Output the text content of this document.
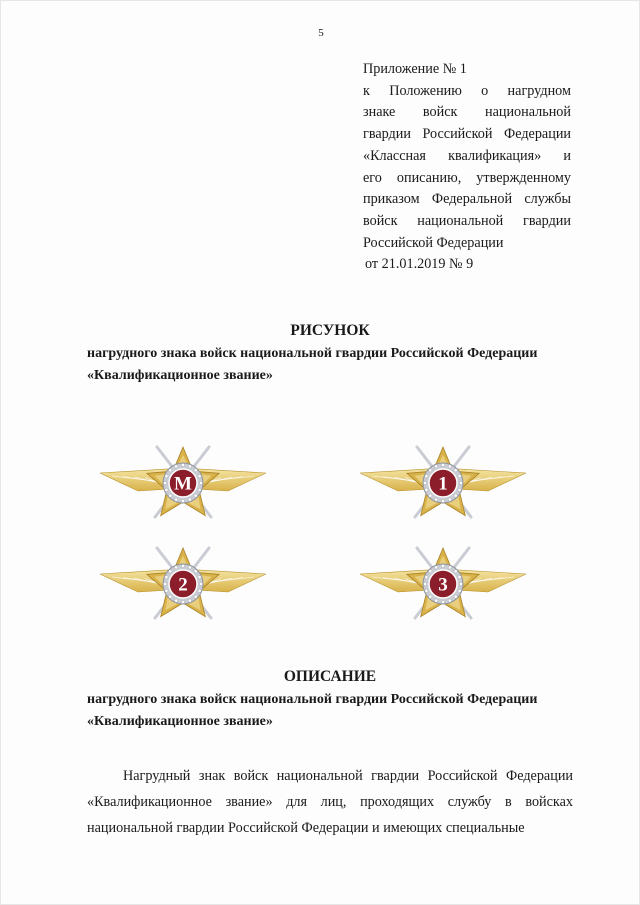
5
Приложение № 1
к Положению о нагрудном
знаке войск национальной
гвардии Российской Федерации
«Классная квалификация» и
его описанию, утвержденному
приказом Федеральной службы
войск национальной гвардии
Российской Федерации
от 21.01.2019 № 9
РИСУНОК
нагрудного знака войск национальной гвардии Российской Федерации
«Квалификационное звание»
М	1
2	3
ОПИСАНИЕ
нагрудного знака войск национальной гвардии Российской Федерации
«Квалификационное звание»

Нагрудный знак войск национальной гвардии Российской Федерации «Квалификационное звание» для лиц, проходящих службу в войсках национальной гвардии Российской Федерации и имеющих специальные
